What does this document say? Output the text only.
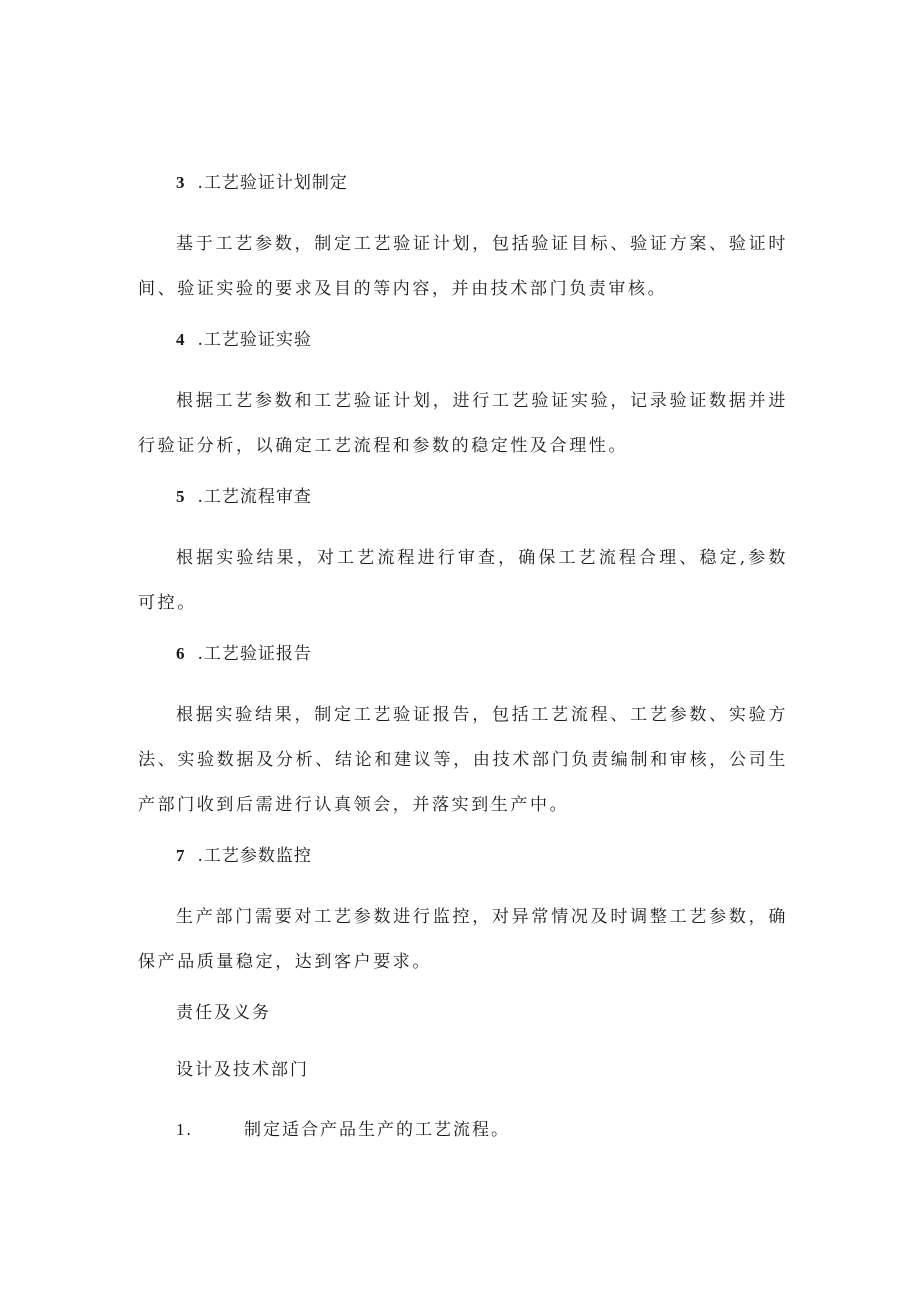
3 .工艺验证计划制定

基于工艺参数，制定工艺验证计划，包括验证目标、验证方案、验证时间、验证实验的要求及目的等内容，并由技术部门负责审核。

4 .工艺验证实验

根据工艺参数和工艺验证计划，进行工艺验证实验，记录验证数据并进行验证分析，以确定工艺流程和参数的稳定性及合理性。

5 .工艺流程审查

根据实验结果，对工艺流程进行审查，确保工艺流程合理、稳定,参数可控。

6 .工艺验证报告

根据实验结果，制定工艺验证报告，包括工艺流程、工艺参数、实验方法、实验数据及分析、结论和建议等，由技术部门负责编制和审核，公司生产部门收到后需进行认真领会，并落实到生产中。

7 .工艺参数监控

生产部门需要对工艺参数进行监控，对异常情况及时调整工艺参数，确保产品质量稳定，达到客户要求。

责任及义务
设计及技术部门
1.	制定适合产品生产的工艺流程。
